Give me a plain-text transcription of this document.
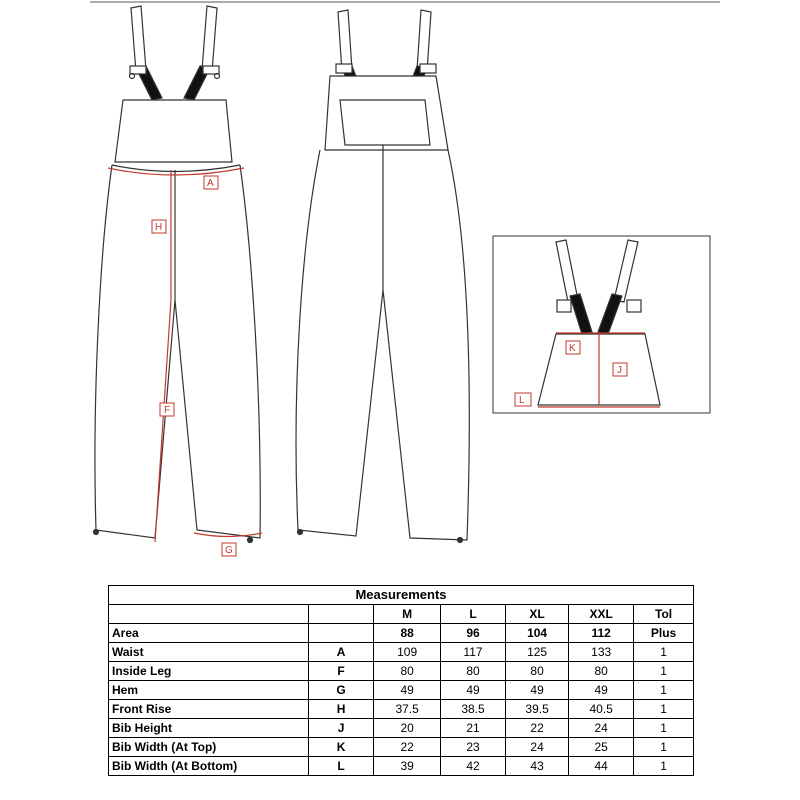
A
H
F
G
K
J
L
Measurements						
		M	L	XL	XXL	Tol
Area		88	96	104	112	Plus
Waist	A	109	117	125	133	1
Inside Leg	F	80	80	80	80	1
Hem	G	49	49	49	49	1
Front Rise	H	37.5	38.5	39.5	40.5	1
Bib Height	J	20	21	22	24	1
Bib Width (At Top)	K	22	23	24	25	1
Bib Width (At Bottom)	L	39	42	43	44	1
